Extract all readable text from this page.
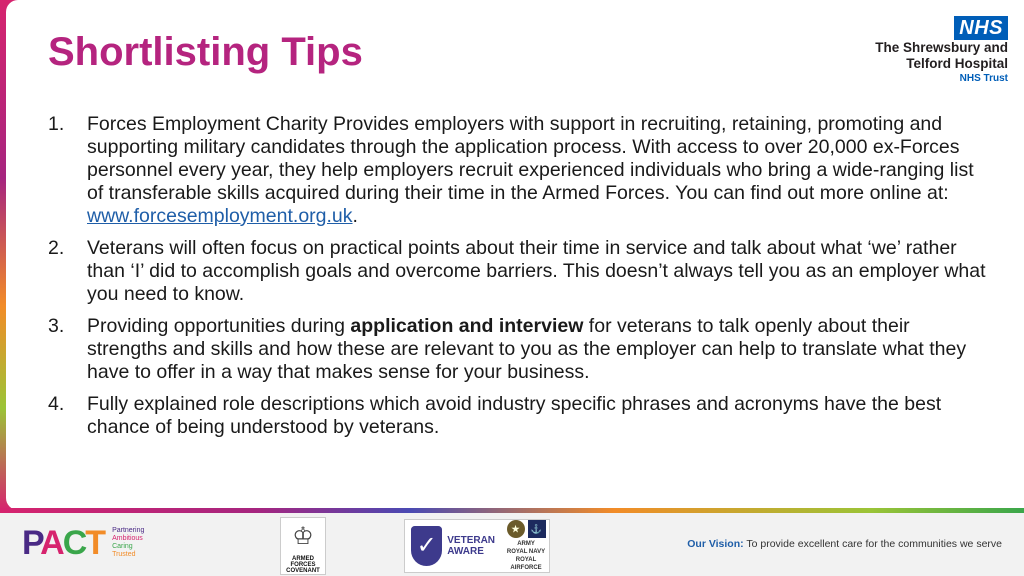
Shortlisting Tips
NHS
The Shrewsbury and
Telford Hospital
NHS Trust
1. Forces Employment Charity Provides employers with support in recruiting, retaining, promoting and supporting military candidates through the application process. With access to over 20,000 ex-Forces personnel every year, they help employers recruit experienced individuals who bring a wide-ranging list of transferable skills acquired during their time in the Armed Forces. You can find out more online at: www.forcesemployment.org.uk.
2. Veterans will often focus on practical points about their time in service and talk about what ‘we’ rather than ‘I’ did to accomplish goals and overcome barriers. This doesn’t always tell you as an employer what you need to know.
3. Providing opportunities during application and interview for veterans to talk openly about their strengths and skills and how these are relevant to you as the employer can help to translate what they have to offer in a way that makes sense for your business.
4. Fully explained role descriptions which avoid industry specific phrases and acronyms have the best chance of being understood by veterans.
PACT Partnering
Ambitious
Caring
Trusted
♔
ARMED FORCES COVENANT
✓	VETERAN
AWARE
★	⚓
ARMY
ROYAL NAVY
ROYAL AIRFORCE
Our Vision: To provide excellent care for the communities we serve
